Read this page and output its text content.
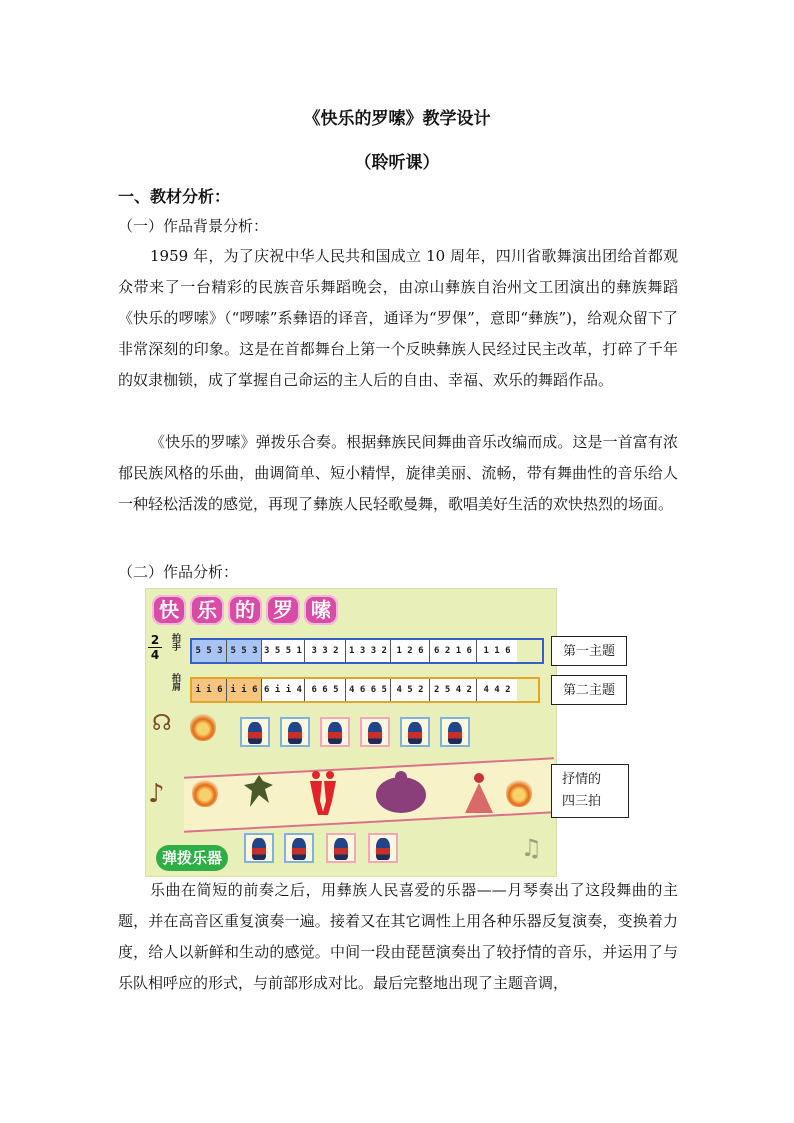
《快乐的罗嗦》教学设计
（聆听课）
一、教材分析：
（一）作品背景分析：

1959 年，为了庆祝中华人民共和国成立 10 周年，四川省歌舞演出团给首都观众带来了一台精彩的民族音乐舞蹈晚会，由凉山彝族自治州文工团演出的彝族舞蹈《快乐的啰嗦》（“啰嗦”系彝语的译音，通译为“罗倮”，意即“彝族”)，给观众留下了非常深刻的印象。这是在首都舞台上第一个反映彝族人民经过民主改革，打碎了千年的奴隶枷锁，成了掌握自己命运的主人后的自由、幸福、欢乐的舞蹈作品。

《快乐的罗嗦》弹拨乐合奏。根据彝族民间舞曲音乐改编而成。这是一首富有浓郁民族风格的乐曲，曲调简单、短小精悍，旋律美丽、流畅，带有舞曲性的音乐给人一种轻松活泼的感觉，再现了彝族人民轻歌曼舞，歌唱美好生活的欢快热烈的场面。

（二）作品分析：
快 乐 的 罗 嗦
2
4
拍手
拍肩
5 5 3 5 5 3 3 5 5 1	3 3 2	1 3 3 2	1 2 6	6 2 1 6	1 1 6
i i 6 i i 6 6 i i 4	6 6 5	4 6 6 5	4 5 2	2 5 4 2	4 4 2
☊
♪
弹拨乐器	♫
第一主题
第二主题
抒情的
四三拍

乐曲在简短的前奏之后，用彝族人民喜爱的乐器——月琴奏出了这段舞曲的主题，并在高音区重复演奏一遍。接着又在其它调性上用各种乐器反复演奏，变换着力度，给人以新鲜和生动的感觉。中间一段由琵琶演奏出了较抒情的音乐，并运用了与乐队相呼应的形式，与前部形成对比。最后完整地出现了主题音调，
